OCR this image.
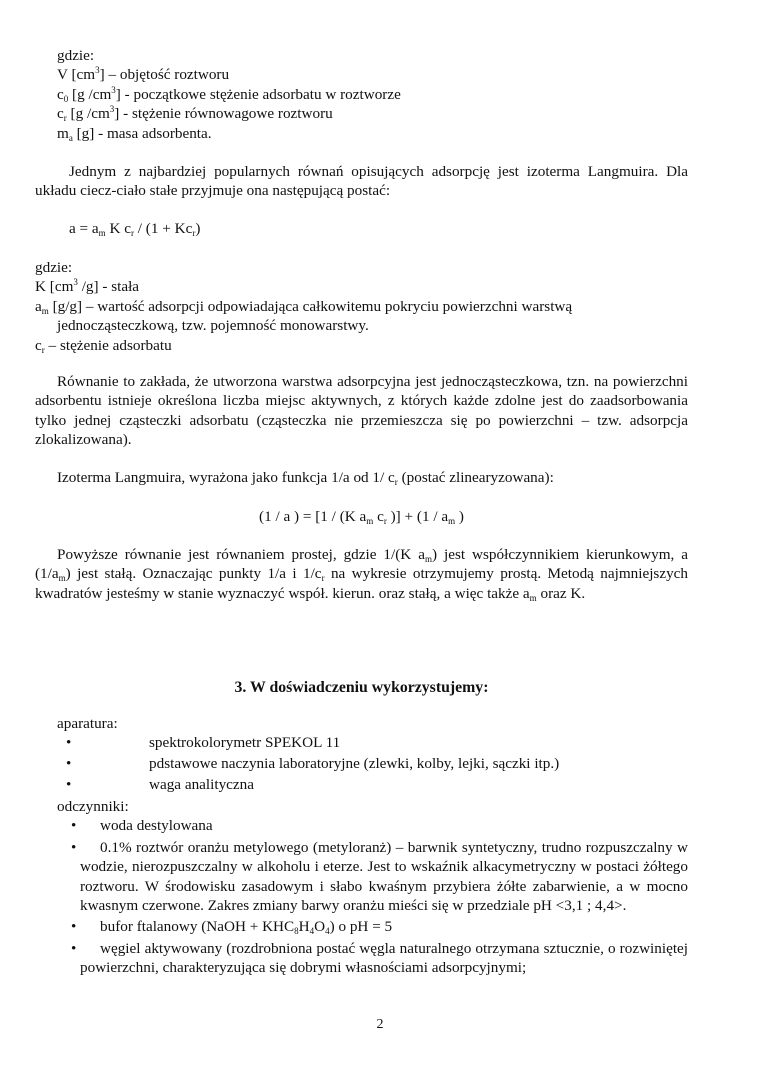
gdzie:

V $[cm^3]$ – objętość roztworu

$c_0$ [g $/cm^3$] - początkowe stężenie adsorbatu w roztworze

$c_r$ [g $/cm^3$] - stężenie równowagowe roztworu

$m_a$ [g] - masa adsorbenta.

Jednym z najbardziej popularnych równań opisujących adsorpcję jest izoterma Langmuira. Dla układu ciecz-ciało stałe przyjmuje ona następującą postać:

$a = a_m$ K $c_r / (1 + Kc_r)$

gdzie:

K [$cm^3$ /g] - stała

$a_m$ [g/g] – wartość adsorpcji odpowiadająca całkowitemu pokryciu powierzchni warstwą jednocząsteczkową, tzw. pojemność monowarstwy.

$c_r$ – stężenie adsorbatu

Równanie to zakłada, że utworzona warstwa adsorpcyjna jest jednocząsteczkowa, tzn. na powierzchni adsorbentu istnieje określona liczba miejsc aktywnych, z których każde zdolne jest do zaadsorbowania tylko jednej cząsteczki adsorbatu (cząsteczka nie przemieszcza się po powierzchni – tzw. adsorpcja zlokalizowana).

Izoterma Langmuira, wyrażona jako funkcja 1/a od 1/ $c_r$ (postać zlinearyzowana):

(1 / a ) = [1 / (K $a_m$ $c_r$ )] + ($1 / a_m$ )

Powyższe równanie jest równaniem prostej, gdzie 1/(K $a_m$) jest współczynnikiem kierunkowym, a $(1/a_m)$ jest stałą. Oznaczając punkty 1/a i $1/c_r$ na wykresie otrzymujemy prostą. Metodą najmniejszych kwadratów jesteśmy w stanie wyznaczyć współ. kierun. oraz stałą, a więc także $a_m$ oraz K.

3. W doświadczeniu wykorzystujemy:

aparatura:

•	spektrokolorymetr SPEKOL 11
•	pdstawowe naczynia laboratoryjne (zlewki, kolby, lejki, sączki itp.)
•	waga analityczna

odczynniki:

•	woda destylowana
•	0.1% roztwór oranżu metylowego (metyloranż) – barwnik syntetyczny, trudno rozpuszczalny w wodzie, nierozpuszczalny w alkoholu i eterze. Jest to wskaźnik alkacymetryczny w postaci żółtego roztworu. W środowisku zasadowym i słabo kwaśnym przybiera żółte zabarwienie, a w mocno kwasnym czerwone. Zakres zmiany barwy oranżu mieści się w przedziale pH <3,1 ; 4,4>.
•	bufor ftalanowy (NaOH + $KHC_8H_4O_4$) o pH = 5
•	węgiel aktywowany (rozdrobniona postać węgla naturalnego otrzymana sztucznie, o rozwiniętej powierzchni, charakteryzująca się dobrymi własnościami adsorpcyjnymi;
2
